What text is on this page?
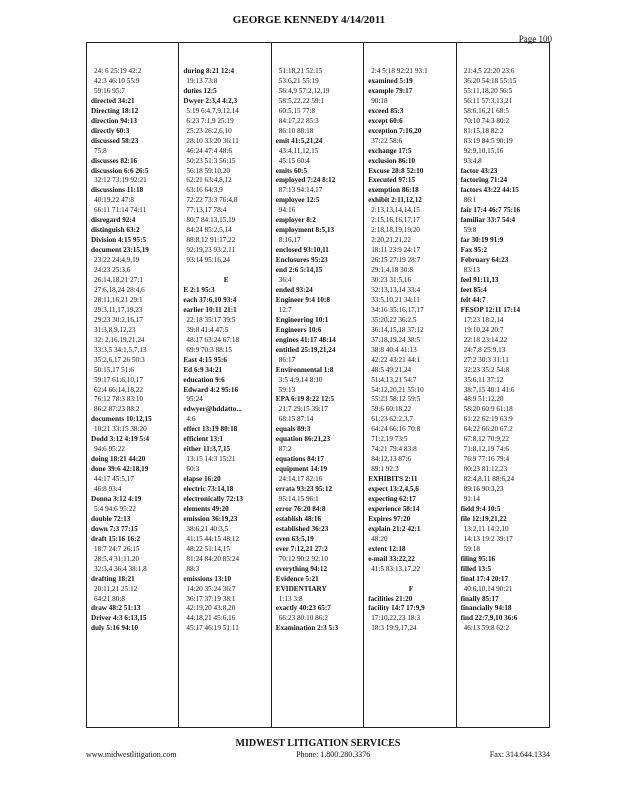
GEORGE KENNEDY 4/14/2011
Page 100
24: 6 25:19 42:2
42:3 46:10 55:9
59:16 95:7
directed 34:21
Directing 18:12
direction 94:13
directly 60:3
discussed 58:23
75:8
discusses 82:16
discussion 6:6 26:5
32:12 73:19 92:21
discussions 11:18
40:19,22 47:8
66:11 71:14 74:11
disregard 92:4
distinguish 63:2
Division 4:15 95:5
document 23:15,19
23:22 24:4,9,19
24:23 25:3,6
26:14,18,21 27:1
27:6,18,24 28:4,6
28:11,16,21 29:1
29:3,11,17,19,23
29:23 30:2,16,17
31:3,8,9,12,23
32: 2,16,19,21,24
33:3,5 34:1,5,7,13
35:2,6,17 26 50:3
50:15,17 51:6
59:17 61:6,10,17
62:4 66:14,18,22
76:12 78:3 83:10
86:2 87:23 88:2
documents 10:12,15
10:21 33:15 38:20
Dodd 3:12 4:19 5:4
94:6 95:22
doing 18:21 44:20
done 39:6 42:18,19
44:17 45:5,17
46:8 93:4
Donna 3:12 4:19
5:4 94:6 95:22
double 72:13
down 7:3 77:15
draft 15:16 16:2
18:7 24:7 26:15
28:5,4 31:11,20
32:3,4 36:4 38:1,8
drafting 18:21
20:11,21 25:12
64:21 80:8
draw 48:2 51:13
Driver 4:3 6:13,15
duly 5:16 94:10
during 8:21 12:4
19:13 73:8
duties 12:5
Dwyer 2:3,4 4:2,3
5:19 6:4,7,9,12,14
6:23 7:1,9 25:19
25:23 26:2,6,10
28:10 33:20 36:11
46:24 47:4 48:6
50:23 51:3 56:15
56:18 59:10,20
62:21 63:4,8,12
63:16 64:3,9
72:22 73:3 76:4,8
77:13,17 78:4
80:7 84:13,15,19
84:24 85:2,5,14
88:8,12 91:17,22
92:19,23 93:2,11
93:14 95:16,24

E
E 2:1 95:3
each 37:6,10 93:4
earlier 10:11 21:1
22:18 35:17 39:5
39:8 41:4 47:5
48:17 63:24 67:18
69:9 70:3 88:15
East 4:15 95:6
Ed 6:9 34:21
education 9:6
Edward 4:2 95:16
95:24
edwyer@hddatto...
4:6
effect 13:19 80:18
efficient 13:1
either 11:3,7,15
13:15 14:3 15:21
60:3
elapse 16:20
electric 73:14,18
electronically 72:13
elements 49:20
emission 36:19,23
38:6,21 40:3,5
41:15 44:15 48:12
48:22 51:14,15
81:24 84:20 85:24
88:3
emissions 13:10
14:20 35:24 36:7
36:17 37:19 38:1
42:19,20 43:8,20
44:18,21 45:6,16
45:17 46:19 51:11
51:18,21 52:15
53:6,21 55:19
56:4,9 57:2,12,19
58:5,22,22 59:1
60:5,15 77:8
84:17,22 85:3
86:10 88:18
emit 41:5,21,24
43:4,11,12,15
45:15 60:4
emits 60:5
employed 7:24 8:12
87:13 94:14,17
employee 12:5
94:16
employer 8:2
employment 8:5,13
8:16,17
enclosed 93:10,11
Enclosures 95:23
end 2:6 5:14,15
36:4
ended 93:24
Engineer 9:4 10:8
12:7
Engineering 10:1
Engineers 10:6
engines 41:17 48:14
entitled 25:19,21,24
86:17
Environmental 1:8
3:5 4:9,14 8:10
59:13
EPA 6:19 8:22 12:5
21:7 29:15 39:17
68:15 87:14
equals 89:3
equation 86:21,23
87:2
equations 84:17
equipment 14:19
24:14,17 82:16
errata 93:23 95:12
95:14,15 96:1
error 76:20 84:8
establish 48:16
established 36:23
even 63:5,19
ever 7:12,21 27:2
70:12 90:2 92:10
everything 94:12
Evidence 5:21
EVIDENTIARY
1:13 3:8
exactly 40:23 65:7
66:23 80:10 86:2
Examination 2:3 5:3
2:4 5:18 92:21 93:1
examined 5:19
example 79:17
90:18
exceed 85:3
except 60:6
exception 7:16,20
37:22 58:6
exchange 17:5
exclusion 86:10
Excuse 28:8 52:10
Executed 97:15
exemption 86:18
exhibit 2:11,12,12
2:13,13,14,14,15
2:15,16,16,17,17
2:18,18,19,19,20
2:20,21,21,22
18:11 23:9 24:17
26:15 27:19 28:7
29:1,4,18 30:8
30:23 31:5,16
32:13,13,14 33:4
33:5,10,21 34:11
34:16 35:16,17,17
35:20,22 36:2,5
36:14,15,18 37:12
37:18,19,24 38:5
38:8 40:4 41:13
42:22 43:21 44:1
48:5 49:21,24
51:4,13,21 54:7
54:12,20,21 55:10
55:23 58:12 59:5
59:6 60:18,22
61:23 62:2,3,7
64:24 66:16 70:8
71:2,19 73:5
74:21 79:4 83:8
84:12,13 87:6
89:1 92:3
EXHIBITS 2:11
expect 13:2,4,5,6
expecting 62:17
experience 58:14
Expires 97:20
explain 21:2 42:1
48:20
extent 12:18
e-mail 33:22,22
41:5 83:13,17,22

F
facilities 21:20
facility 14:7 17:9,9
17:10,22,23 18:3
18:3 19:9,17,24
21:4,5 22:20 23:6
36:20 54:18 55:15
55:11,18,20 56:5
56:11 57:3,13,21
58:6,16,21 68:5
70:10 74:3 80:2
81:15,18 82:2
83:19 84:5 90:19
92:9,10,15,16
93:4,8
factor 43:23
factoring 71:24
factors 43:22 44:15
86:1
fair 17:4 46:7 75:16
familiar 33:7 54:4
59:8
far 30:19 91:9
Fax 95:2
February 64:23
83:13
feel 91:11,13
feet 85:4
felt 44:7
FESOP 12:11 17:14
17:23 18:2,14
19:10,24 20:7
22:18 23:14,22
24:7,8 25:9,13
27:2 30:3 31:11
32:23 35:2 54:8
35:6,11 37:12
38:7,15 40:1 41:6
48:9 51:12,20
58:20 60:9 61:18
61:22 62:19 63:9
64:22 66:20 67:2
67:8,12 70:9,22
71:8,12,19 74:6
76:9 77:16 79:4
80:23 81:12,23
82:4,8,11 88:6,24
89:16 90:3,23
91:14
field 9:4 10:5
file 12:19,21,22
13:2,11 14:2,10
14:13 19:2 39:17
59:18
filing 95:16
filled 13:5
final 17:4 20:17
40:6,10,14 90:21
finally 85:17
financially 94:18
find 22:7,9,10 36:6
46:13 59:8 62:2
MIDWEST LITIGATION SERVICES
www.midwestlitigation.com	Phone: 1.800.280.3376	Fax: 314.644.1334
